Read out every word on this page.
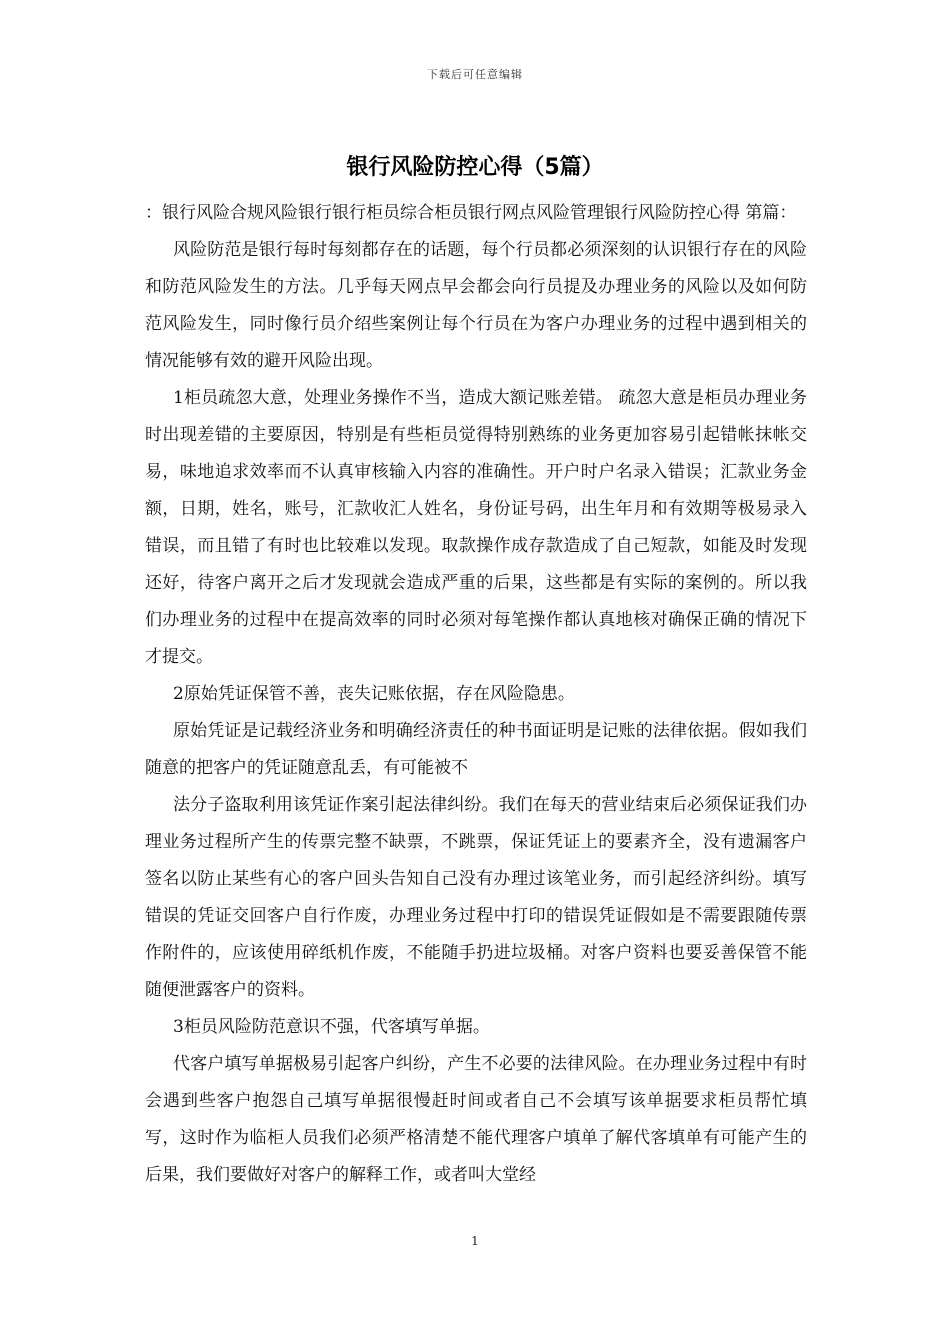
下载后可任意编辑
银行风险防控心得（5篇）

：银行风险合规风险银行银行柜员综合柜员银行网点风险管理银行风险防控心得 第篇：

风险防范是银行每时每刻都存在的话题，每个行员都必须深刻的认识银行存在的风险和防范风险发生的方法。几乎每天网点早会都会向行员提及办理业务的风险以及如何防范风险发生，同时像行员介绍些案例让每个行员在为客户办理业务的过程中遇到相关的情况能够有效的避开风险出现。

1柜员疏忽大意，处理业务操作不当，造成大额记账差错。 疏忽大意是柜员办理业务时出现差错的主要原因，特别是有些柜员觉得特别熟练的业务更加容易引起错帐抹帐交易，味地追求效率而不认真审核输入内容的准确性。开户时户名录入错误；汇款业务金额，日期，姓名，账号，汇款收汇人姓名，身份证号码，出生年月和有效期等极易录入错误，而且错了有时也比较难以发现。取款操作成存款造成了自己短款，如能及时发现还好，待客户离开之后才发现就会造成严重的后果，这些都是有实际的案例的。所以我们办理业务的过程中在提高效率的同时必须对每笔操作都认真地核对确保正确的情况下才提交。

2原始凭证保管不善，丧失记账依据，存在风险隐患。

原始凭证是记载经济业务和明确经济责任的种书面证明是记账的法律依据。假如我们随意的把客户的凭证随意乱丢，有可能被不

法分子盗取利用该凭证作案引起法律纠纷。我们在每天的营业结束后必须保证我们办理业务过程所产生的传票完整不缺票，不跳票，保证凭证上的要素齐全，没有遗漏客户签名以防止某些有心的客户回头告知自己没有办理过该笔业务，而引起经济纠纷。填写错误的凭证交回客户自行作废，办理业务过程中打印的错误凭证假如是不需要跟随传票作附件的，应该使用碎纸机作废，不能随手扔进垃圾桶。对客户资料也要妥善保管不能随便泄露客户的资料。

3柜员风险防范意识不强，代客填写单据。

代客户填写单据极易引起客户纠纷，产生不必要的法律风险。在办理业务过程中有时会遇到些客户抱怨自己填写单据很慢赶时间或者自己不会填写该单据要求柜员帮忙填写，这时作为临柜人员我们必须严格清楚不能代理客户填单了解代客填单有可能产生的后果，我们要做好对客户的解释工作，或者叫大堂经

1
